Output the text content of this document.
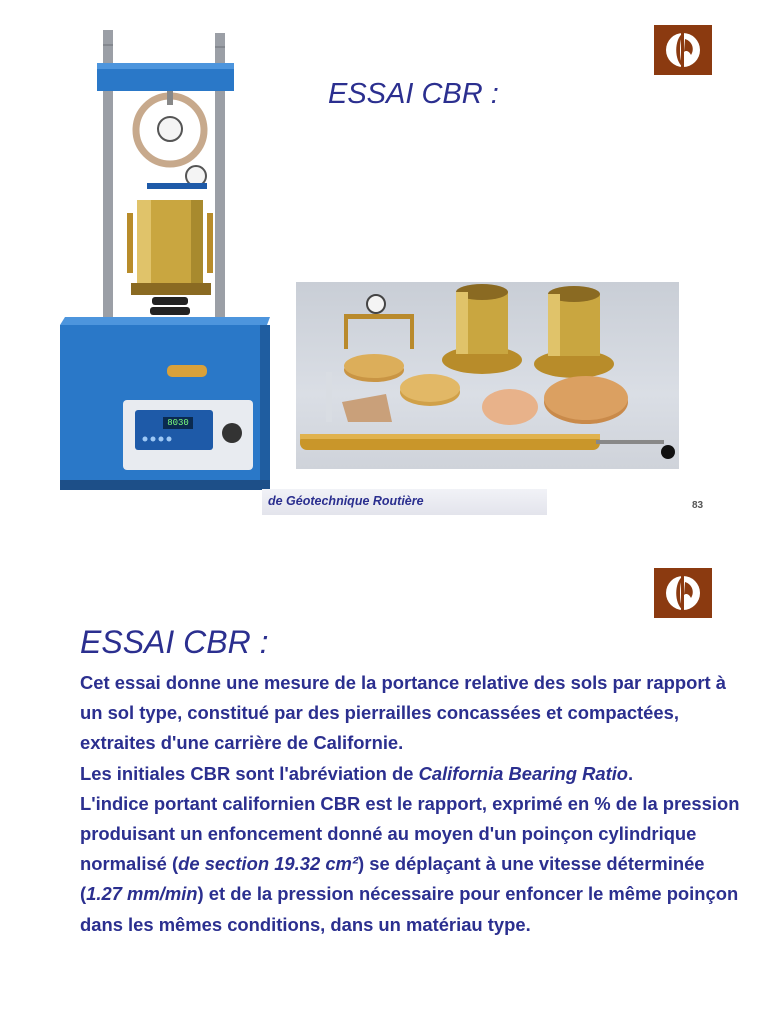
ESSAI CBR :
8030
de Géotechnique Routière	83
ESSAI CBR :

Cet essai donne une mesure de la portance relative des sols par rapport à un sol type, constitué par des pierrailles concassées et compactées, extraites d'une carrière de Californie.

Les initiales CBR sont l'abréviation de California Bearing Ratio.

L'indice portant californien CBR est le rapport, exprimé en % de la pression produisant un enfoncement donné au moyen d'un poinçon cylindrique normalisé (de section 19.32 cm²) se déplaçant à une vitesse déterminée (1.27 mm/min) et de la pression nécessaire pour enfoncer le même poinçon dans les mêmes conditions, dans un matériau type.
